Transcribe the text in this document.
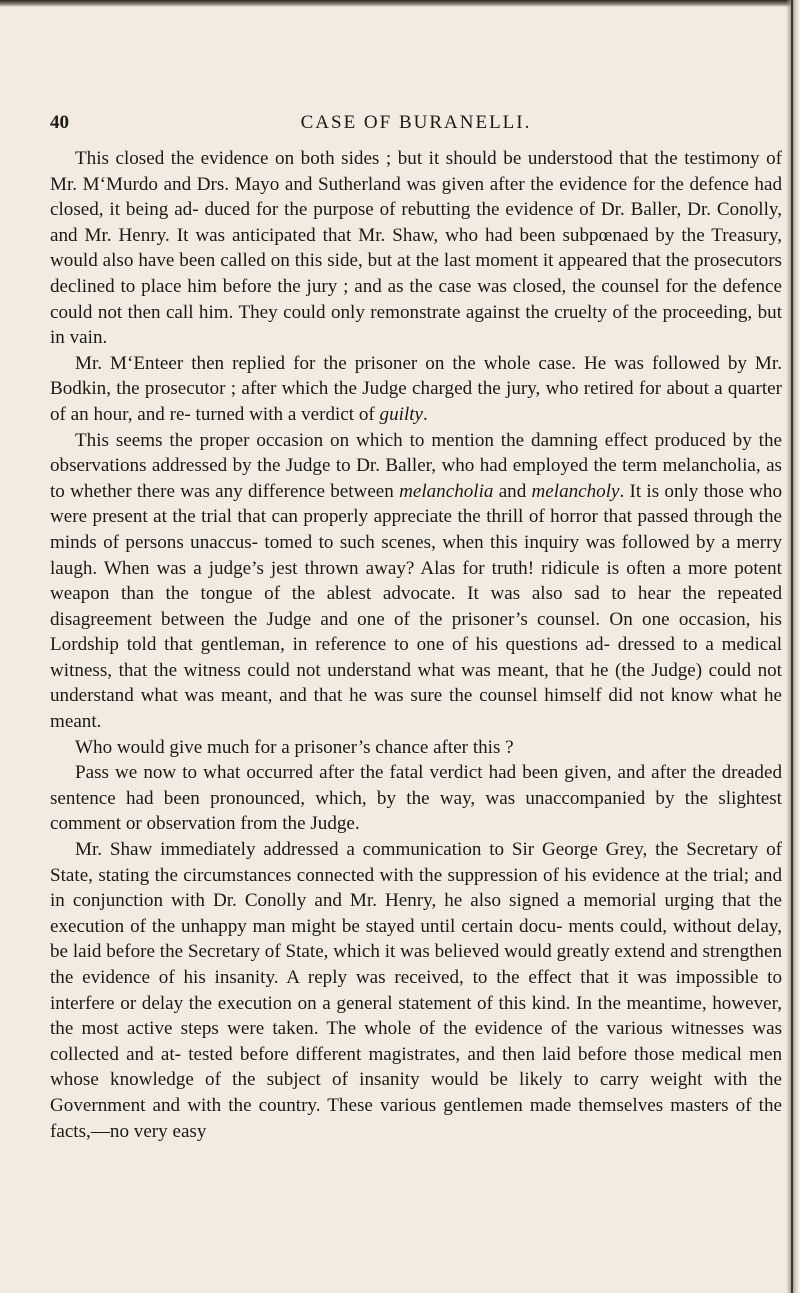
40	CASE OF BURANELLI.

This closed the evidence on both sides ; but it should be understood that the testimony of Mr. M‘Murdo and Drs. Mayo and Sutherland was given after the evidence for the defence had closed, it being ad- duced for the purpose of rebutting the evidence of Dr. Baller, Dr. Conolly, and Mr. Henry. It was anticipated that Mr. Shaw, who had been subpœnaed by the Treasury, would also have been called on this side, but at the last moment it appeared that the prosecutors declined to place him before the jury ; and as the case was closed, the counsel for the defence could not then call him. They could only remonstrate against the cruelty of the proceeding, but in vain.

Mr. M‘Enteer then replied for the prisoner on the whole case. He was followed by Mr. Bodkin, the prosecutor ; after which the Judge charged the jury, who retired for about a quarter of an hour, and re- turned with a verdict of guilty.

This seems the proper occasion on which to mention the damning effect produced by the observations addressed by the Judge to Dr. Baller, who had employed the term melancholia, as to whether there was any difference between melancholia and melancholy. It is only those who were present at the trial that can properly appreciate the thrill of horror that passed through the minds of persons unaccus- tomed to such scenes, when this inquiry was followed by a merry laugh. When was a judge’s jest thrown away? Alas for truth! ridicule is often a more potent weapon than the tongue of the ablest advocate. It was also sad to hear the repeated disagreement between the Judge and one of the prisoner’s counsel. On one occasion, his Lordship told that gentleman, in reference to one of his questions ad- dressed to a medical witness, that the witness could not understand what was meant, that he (the Judge) could not understand what was meant, and that he was sure the counsel himself did not know what he meant.

Who would give much for a prisoner’s chance after this ?

Pass we now to what occurred after the fatal verdict had been given, and after the dreaded sentence had been pronounced, which, by the way, was unaccompanied by the slightest comment or observation from the Judge.

Mr. Shaw immediately addressed a communication to Sir George Grey, the Secretary of State, stating the circumstances connected with the suppression of his evidence at the trial; and in conjunction with Dr. Conolly and Mr. Henry, he also signed a memorial urging that the execution of the unhappy man might be stayed until certain docu- ments could, without delay, be laid before the Secretary of State, which it was believed would greatly extend and strengthen the evidence of his insanity. A reply was received, to the effect that it was impossible to interfere or delay the execution on a general statement of this kind. In the meantime, however, the most active steps were taken. The whole of the evidence of the various witnesses was collected and at- tested before different magistrates, and then laid before those medical men whose knowledge of the subject of insanity would be likely to carry weight with the Government and with the country. These various gentlemen made themselves masters of the facts,—no very easy
